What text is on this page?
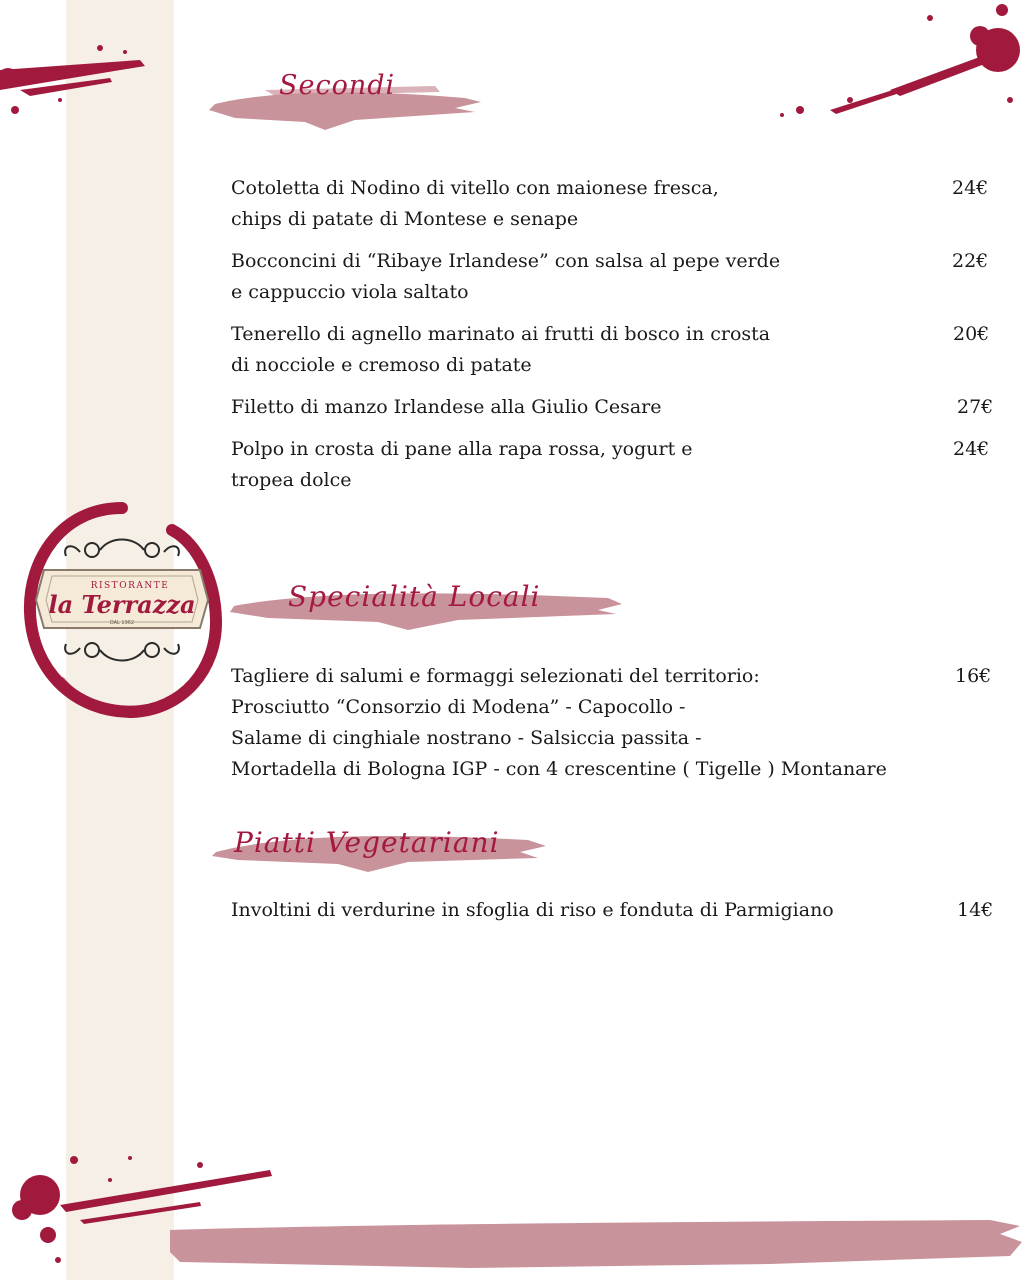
Secondi
Cotoletta di Nodino di vitello con maionese fresca,
chips di patate di Montese e senape
24€
Bocconcini di “Ribaye Irlandese” con salsa al pepe verde
e cappuccio viola saltato
22€
Tenerello di agnello marinato ai frutti di bosco in crosta
di nocciole e cremoso di patate
20€
Filetto di manzo Irlandese alla Giulio Cesare	27€
Polpo in crosta di pane alla rapa rossa, yogurt e
tropea dolce
24€
RISTORANTE
la Terrazza
DAL 1962
Specialità Locali
Tagliere di salumi e formaggi selezionati del territorio:
Prosciutto “Consorzio di Modena” - Capocollo -
Salame di cinghiale nostrano - Salsiccia passita -
Mortadella di Bologna IGP - con 4 crescentine ( Tigelle ) Montanare
16€
Piatti Vegetariani
Involtini di verdurine in sfoglia di riso e fonduta di Parmigiano	14€
